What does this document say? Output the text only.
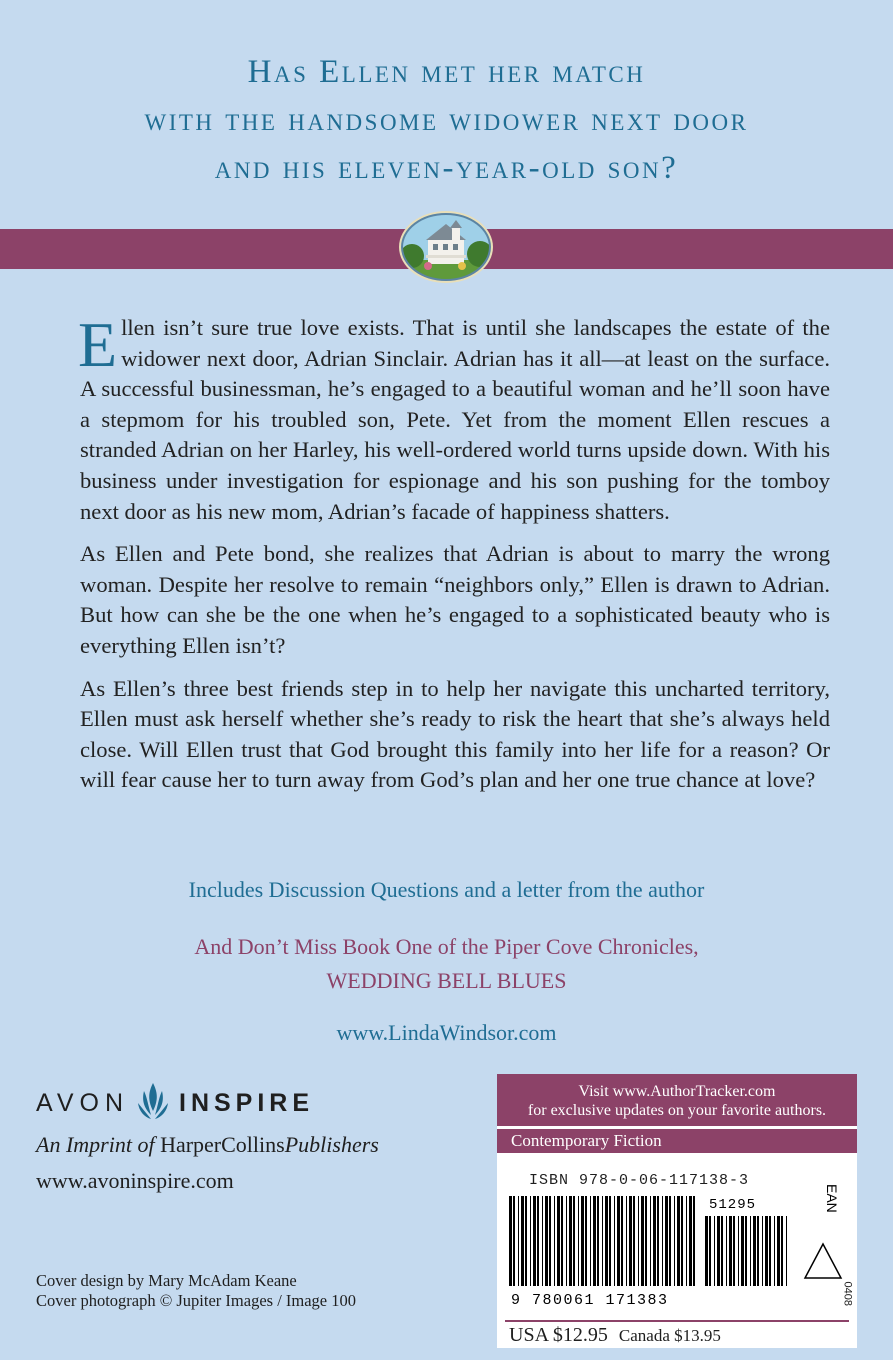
Has Ellen met her match
with the handsome widower next door
and his eleven-year-old son?

Ellen isn’t sure true love exists. That is until she landscapes the estate of the widower next door, Adrian Sinclair. Adrian has it all—at least on the surface. A successful businessman, he’s engaged to a beautiful woman and he’ll soon have a stepmom for his troubled son, Pete. Yet from the moment Ellen rescues a stranded Adrian on her Harley, his well-ordered world turns upside down. With his business under investigation for espionage and his son pushing for the tomboy next door as his new mom, Adrian’s facade of happiness shatters.

As Ellen and Pete bond, she realizes that Adrian is about to marry the wrong woman. Despite her resolve to remain “neighbors only,” Ellen is drawn to Adrian. But how can she be the one when he’s engaged to a sophisticated beauty who is everything Ellen isn’t?

As Ellen’s three best friends step in to help her navigate this uncharted territory, Ellen must ask herself whether she’s ready to risk the heart that she’s always held close. Will Ellen trust that God brought this family into her life for a reason? Or will fear cause her to turn away from God’s plan and her one true chance at love?

Includes Discussion Questions and a letter from the author
And Don’t Miss Book One of the Piper Cove Chronicles,
WEDDING BELL BLUES
www.LindaWindsor.com
AVON INSPIRE
An Imprint of HarperCollinsPublishers
www.avoninspire.com
Cover design by Mary McAdam Keane
Cover photograph © Jupiter Images / Image 100
Visit www.AuthorTracker.com
for exclusive updates on your favorite authors.
Contemporary Fiction
ISBN 978-0-06-117138-3
51295	EAN
9 780061 171383
USA $12.95 Canada $13.95
0408
